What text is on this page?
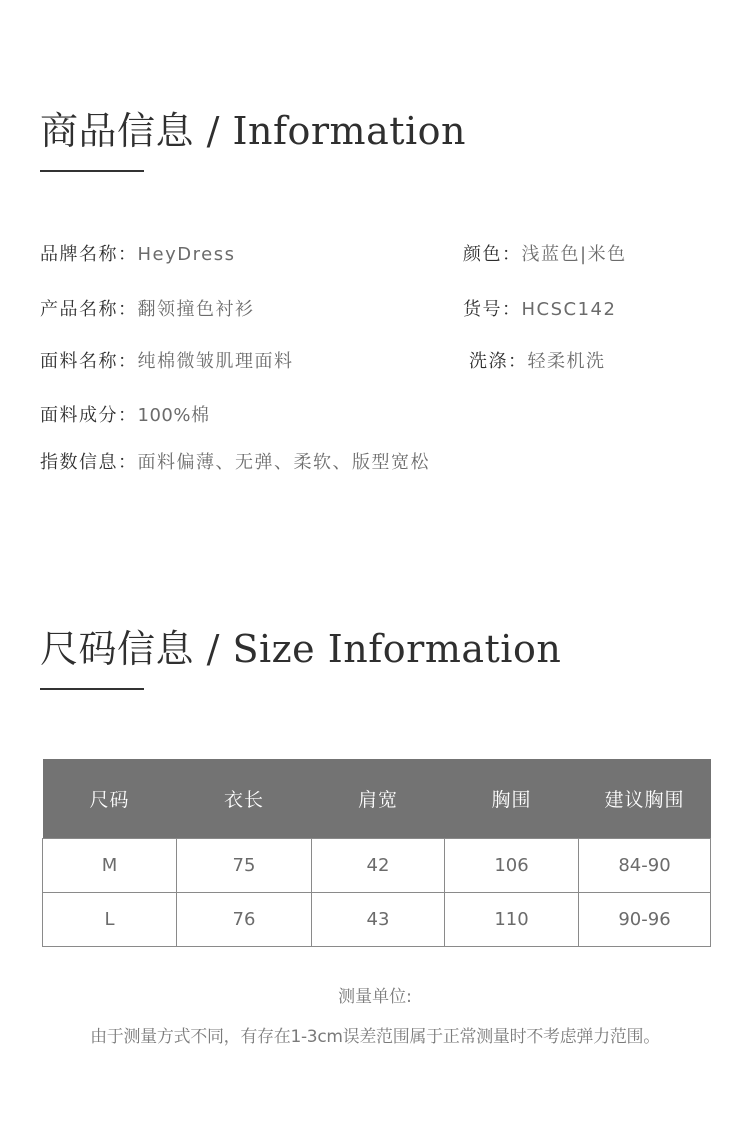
商品信息 / Information
品牌名称：HeyDress	颜色：浅蓝色|米色
产品名称：翻领撞色衬衫	货号：HCSC142
面料名称：纯棉微皱肌理面料	洗涤：轻柔机洗
面料成分：100%棉
指数信息：面料偏薄、无弹、柔软、版型宽松
尺码信息 / Size Information
尺码	衣长	肩宽	胸围	建议胸围
M	75	42	106	84-90
L	76	43	110	90-96
测量单位:
由于测量方式不同，有存在1-3cm误差范围属于正常测量时不考虑弹力范围。
